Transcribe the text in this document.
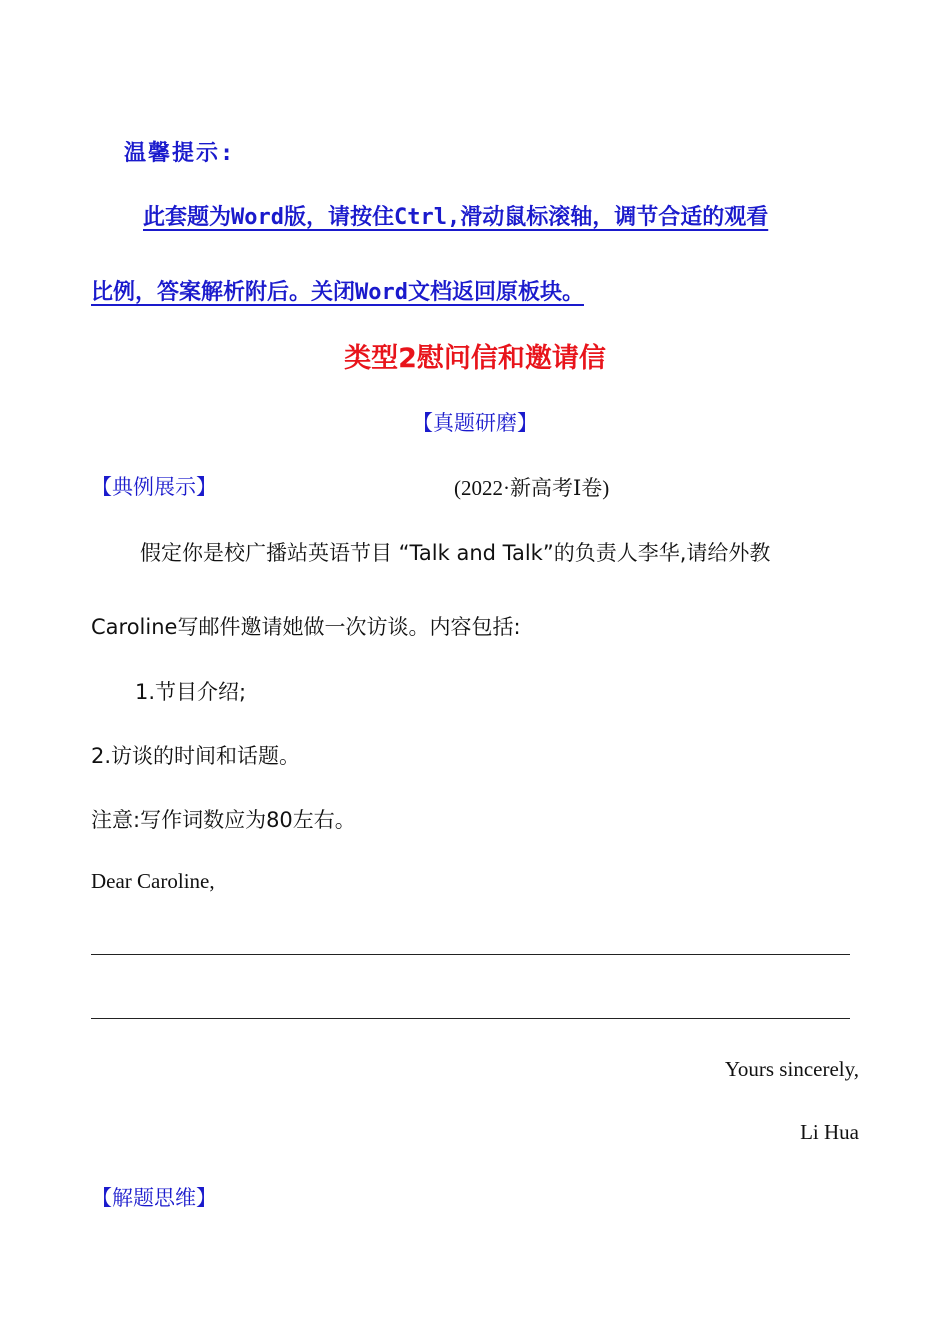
温馨提示:
此套题为Word版，请按住Ctrl,滑动鼠标滚轴，调节合适的观看
比例，答案解析附后。关闭Word文档返回原板块。
类型2慰问信和邀请信
【真题研磨】
【典例展示】	(2022·新高考Ⅰ卷)
假定你是校广播站英语节目 “Talk and Talk”的负责人李华,请给外教
Caroline写邮件邀请她做一次访谈。内容包括:
1.节目介绍;
2.访谈的时间和话题。
注意:写作词数应为80左右。
Dear Caroline,
Yours sincerely,
Li Hua
【解题思维】
